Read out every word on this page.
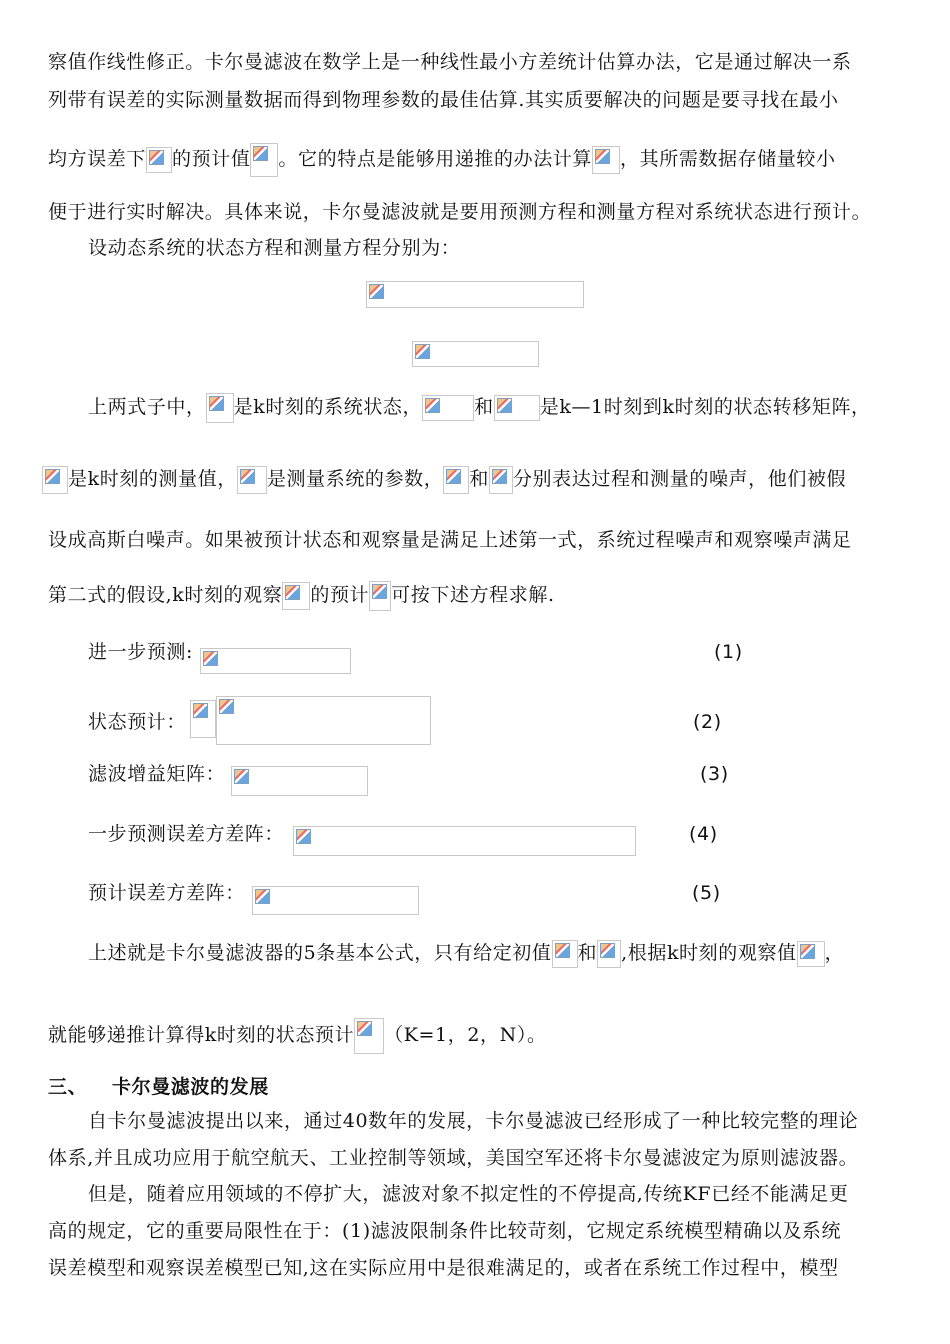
察值作线性修正。卡尔曼滤波在数学上是一种线性最小方差统计估算办法，它是通过解决一系
列带有误差的实际测量数据而得到物理参数的最佳估算.其实质要解决的问题是要寻找在最小
均方误差下 的预计值 。它的特点是能够用递推的办法计算 ，其所需数据存储量较小
便于进行实时解决。具体来说，卡尔曼滤波就是要用预测方程和测量方程对系统状态进行预计。
设动态系统的状态方程和测量方程分别为：
上两式子中， 是k时刻的系统状态，	和 是k—1时刻到k时刻的状态转移矩阵，
是k时刻的测量值， 是测量系统的参数， 和 分别表达过程和测量的噪声，他们被假
设成高斯白噪声。如果被预计状态和观察量是满足上述第一式，系统过程噪声和观察噪声满足
第二式的假设,k时刻的观察 的预计 可按下述方程求解.
进一步预测:	(1)
状态预计：	(2)
滤波增益矩阵：	(3)
一步预测误差方差阵：	(4)
预计误差方差阵：	(5)
上述就是卡尔曼滤波器的5条基本公式，只有给定初值 和 ,根据k时刻的观察值 ，
就能够递推计算得k时刻的状态预计 （K=1，2，N）。
三、 卡尔曼滤波的发展
自卡尔曼滤波提出以来，通过40数年的发展，卡尔曼滤波已经形成了一种比较完整的理论
体系,并且成功应用于航空航天、工业控制等领域，美国空军还将卡尔曼滤波定为原则滤波器。
但是，随着应用领域的不停扩大，滤波对象不拟定性的不停提高,传统KF已经不能满足更
高的规定，它的重要局限性在于：(1)滤波限制条件比较苛刻，它规定系统模型精确以及系统
误差模型和观察误差模型已知,这在实际应用中是很难满足的，或者在系统工作过程中，模型
